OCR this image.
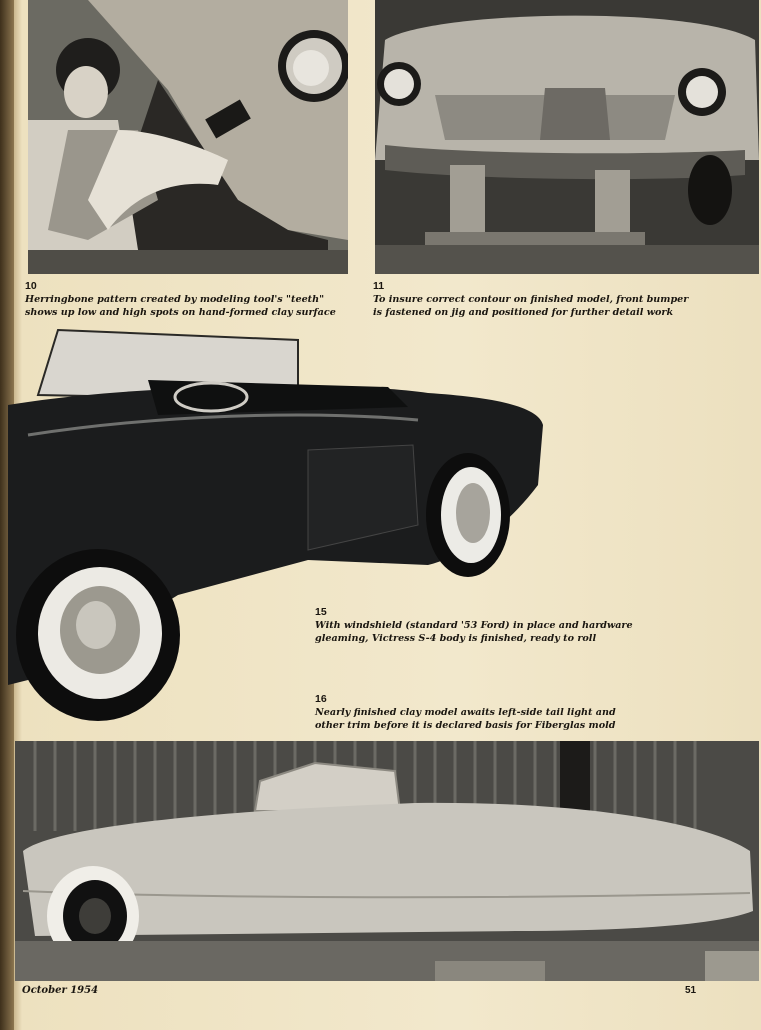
10
Herringbone pattern created by modeling tool's "teeth"
shows up low and high spots on hand-formed clay surface
11
To insure correct contour on finished model, front bumper
is fastened on jig and positioned for further detail work
15
With windshield (standard '53 Ford) in place and hardware
gleaming, Victress S-4 body is finished, ready to roll
16
Nearly finished clay model awaits left-side tail light and
other trim before it is declared basis for Fiberglas mold
October 1954	51
